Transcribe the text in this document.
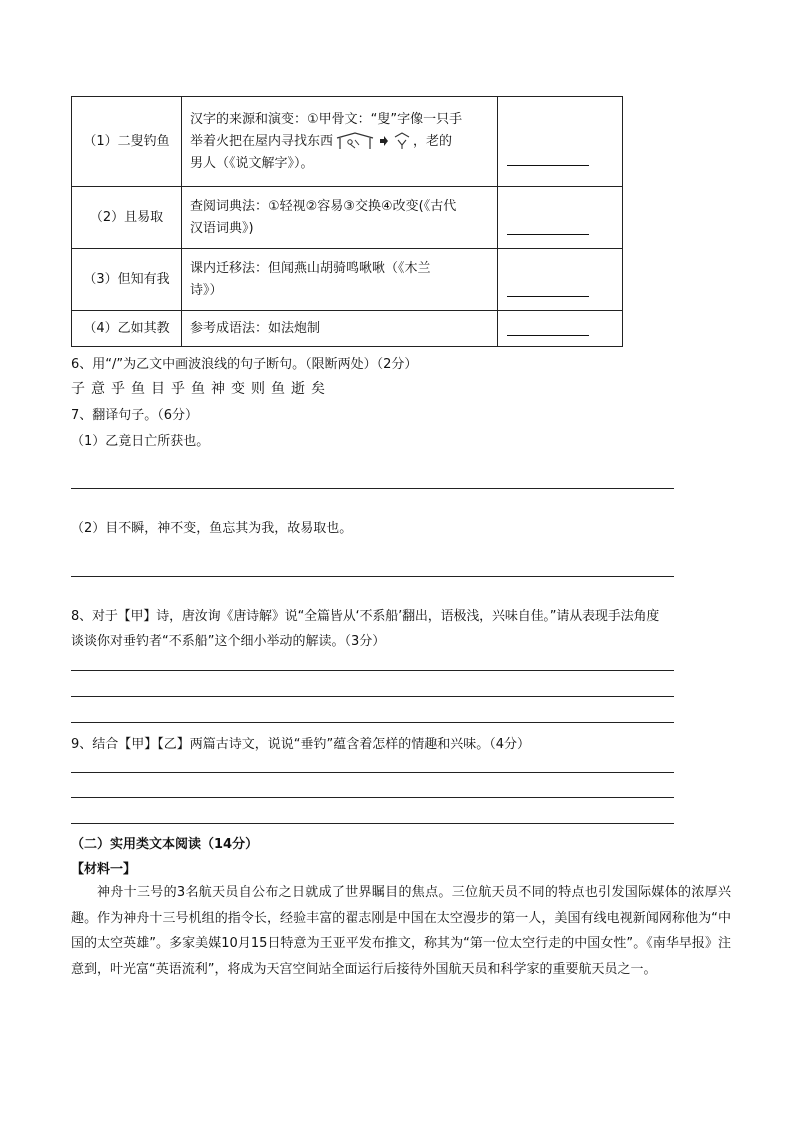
（1）二叟钓鱼	汉字的来源和演变：①甲骨文：“叟”字像一只手
举着火把在屋内寻找东西 ，老的
男人（《说文解字》）。	

（2）且易取	查阅词典法：①轻视②容易③交换④改变(《古代
汉语词典》)	

（3）但知有我	课内迁移法：但闻燕山胡骑鸣啾啾（《木兰
诗》）	

（4）乙如其教	参考成语法：如法炮制	

6、用“/”为乙文中画波浪线的句子断句。（限断两处）（2分）
子意乎鱼目乎鱼神变则鱼逝矣
7、翻译句子。（6分）
（1）乙竟日亡所获也。
（2）目不瞬，神不变，鱼忘其为我，故易取也。
8、对于【甲】诗，唐汝询《唐诗解》说“全篇皆从‘不系船’翻出，语极浅，兴味自佳。”请从表现手法角度
谈谈你对垂钓者“不系船”这个细小举动的解读。（3分）
9、结合【甲】【乙】两篇古诗文，说说“垂钓”蕴含着怎样的情趣和兴味。（4分）
（二）实用类文本阅读（14分）
【材料一】
神舟十三号的3名航天员自公布之日就成了世界瞩目的焦点。三位航天员不同的特点也引发国际媒体的浓厚兴趣。作为神舟十三号机组的指令长，经验丰富的翟志刚是中国在太空漫步的第一人，美国有线电视新闻网称他为“中国的太空英雄”。多家美媒10月15日特意为王亚平发布推文，称其为“第一位太空行走的中国女性”。《南华早报》注意到，叶光富“英语流利”，将成为天宫空间站全面运行后接待外国航天员和科学家的重要航天员之一。
